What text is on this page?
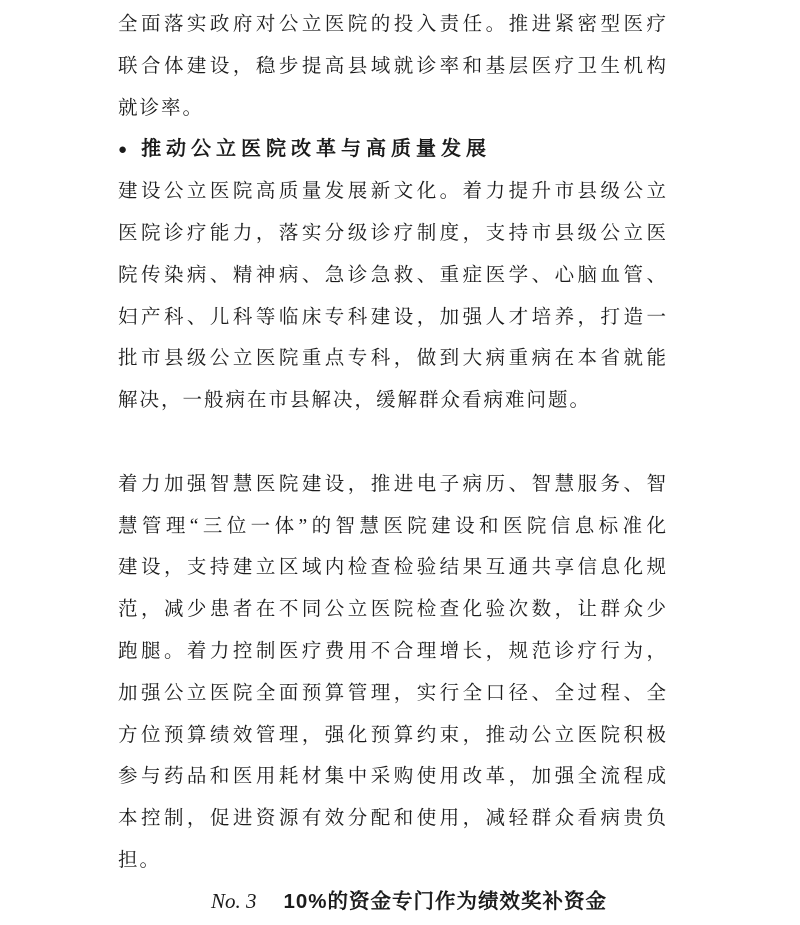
全面落实政府对公立医院的投入责任。推进紧密型医疗
联合体建设，稳步提高县域就诊率和基层医疗卫生机构
就诊率。
● 推动公立医院改革与高质量发展
建设公立医院高质量发展新文化。着力提升市县级公立
医院诊疗能力，落实分级诊疗制度，支持市县级公立医
院传染病、精神病、急诊急救、重症医学、心脑血管、
妇产科、儿科等临床专科建设，加强人才培养，打造一
批市县级公立医院重点专科，做到大病重病在本省就能
解决，一般病在市县解决，缓解群众看病难问题。
着力加强智慧医院建设，推进电子病历、智慧服务、智
慧管理“三位一体”的智慧医院建设和医院信息标准化
建设，支持建立区域内检查检验结果互通共享信息化规
范，减少患者在不同公立医院检查化验次数，让群众少
跑腿。着力控制医疗费用不合理增长，规范诊疗行为，
加强公立医院全面预算管理，实行全口径、全过程、全
方位预算绩效管理，强化预算约束，推动公立医院积极
参与药品和医用耗材集中采购使用改革，加强全流程成
本控制，促进资源有效分配和使用，减轻群众看病贵负
担。
No. 3 10%的资金专门作为绩效奖补资金
